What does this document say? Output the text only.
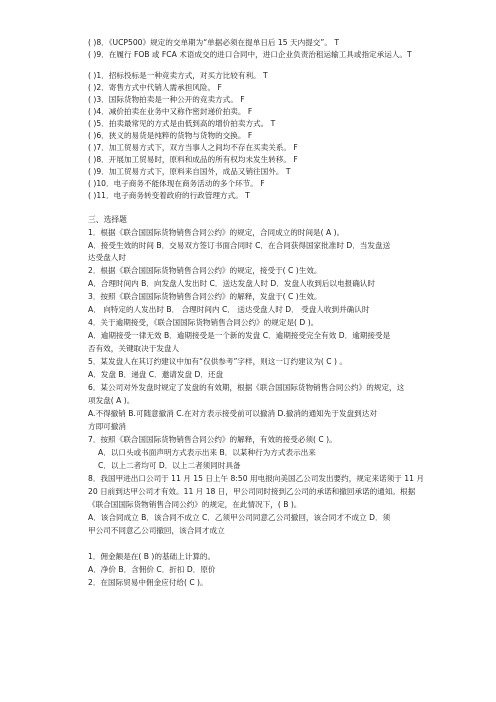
( )8．《UCP500》规定的交单期为“单据必须在提单日后 15 天内提交”。 T
( )9．在履行 FOB 或 FCA 术语成交的进口合同中，进口企业负责治租运输工具或指定承运人。T
( )1．招标投标是一种竞卖方式，对买方比较有利。 T
( )2．寄售方式中代销人需承担风险。 F
( )3．国际货物拍卖是一种公开的竞卖方式。 F
( )4．减价拍卖在业务中又称作密封递价拍卖。 F
( )5．拍卖最常见的方式是由低到高的增价拍卖方式。 T
( )6．狭义的易货是纯粹的货物与货物的交换。 F
( )7．加工贸易方式下，双方当事人之间均不存在买卖关系。 F
( )8．开展加工贸易时，原料和成品的所有权均未发生转移。 F
( )9．加工贸易方式下，原料来自国外，成品又销往国外。 T
( )10．电子商务不能体现在商务活动的多个环节。 F
( )11．电子商务转变着政府的行政管理方式。 T
三、选择题
1．根据《联合国国际货物销售合同公约》的规定，合同成立的时间是( A )。
A．接受生效的时间 B．交易双方签订书面合同时 C．在合同获得国家批准时 D．当发盘送
达受盘人时
2．根据《联合国国际货物销售合同公约》的规定，接受于( C )生效。
A．合理时间内 B．向发盘人发出时 C．送达发盘人时 D．发盘人收到后以电报确认时
3．按照《联合国国际货物销售合同公约》的解释，发盘于( C )生效。
A． 向特定的人发出时 B． 合理时间内 C． 送达受盘人时 D． 受盘人收到并确认时
4．关于逾期接受，《联合国国际货物销售合同公约》的规定是( D )。
A．逾期接受一律无效 B．逾期接受是一个新的发盘 C．逾期接受完全有效 D．逾期接受是
否有效，关键取决于发盘人
5．某发盘人在其订约建议中加有“仅供参考”字样，则这一订约建议为( C ) 。
A．发盘 B．递盘 C．邀请发盘 D．还盘
6．某公司对外发盘时规定了发盘的有效期，根据《联合国国际货物销售合同公约》的规定，这
项发盘( A )。
A.不得撤销 B.可随意撤消 C.在对方表示接受前可以撤消 D.撤消的通知先于发盘到达对
方即可撤消
7．按照《联合国国际货物销售合同公约》的解释，有效的接受必须( C )。
A．以口头或书面声明方式表示出来 B．以某种行为方式表示出来
C．以上二者均可 D．以上二者须同时具备
8．我国甲进出口公司于 11 月 15 日上午 8:50 用电报向美国乙公司发出要约，规定来诺须于 11 月
20 日前到达甲公司才有效。11 月 18 日，甲公司同时接到乙公司的承诺和撤回承诺的通知。根据
《联合国国际货物销售合同公约》的规定，在此情况下，( B )。
A．该合同成立 B．该合同不成立 C．乙须甲公司同意乙公司撤回，该合同才不成立 D．须
甲公司不同意乙公司撤回，该合同才成立
1．佣金额是在( B )的基础上计算的。
A．净价 B．含佣价 C．折扣 D．原价
2．在国际贸易中佣金应付给( C )。
